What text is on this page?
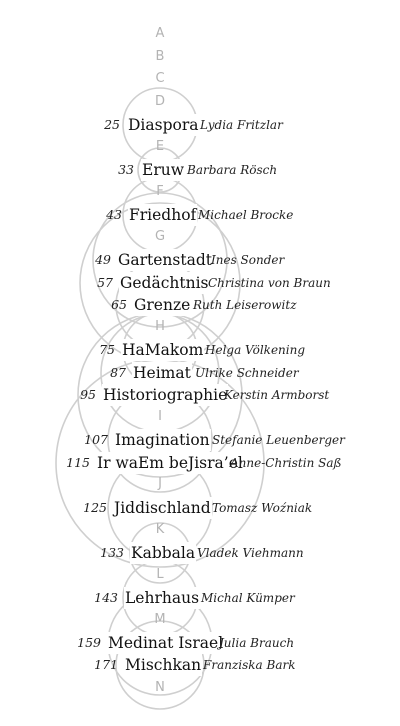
A
B
C
D
E
F
G
H
I
J
K
L
M
N
25 Diaspora Lydia Fritzlar
33 Eruw Barbara Rösch
43 Friedhof Michael Brocke
49 Gartenstadt Ines Sonder
57 Gedächtnis Christina von Braun
65 Grenze Ruth Leiserowitz
75 HaMakom Helga Völkening
87 Heimat Ulrike Schneider
95 Historiographie
Kerstin Armborst
107 Imagination Stefanie Leuenberger
115 Ir waEm beJisra’el
Anne-Christin Saß
125 Jiddischland Tomasz Woźniak
133 Kabbala Vladek Viehmann
143 Lehrhaus Michal Kümper
159 Medinat Israel
Julia Brauch
171 Mischkan Franziska Bark
